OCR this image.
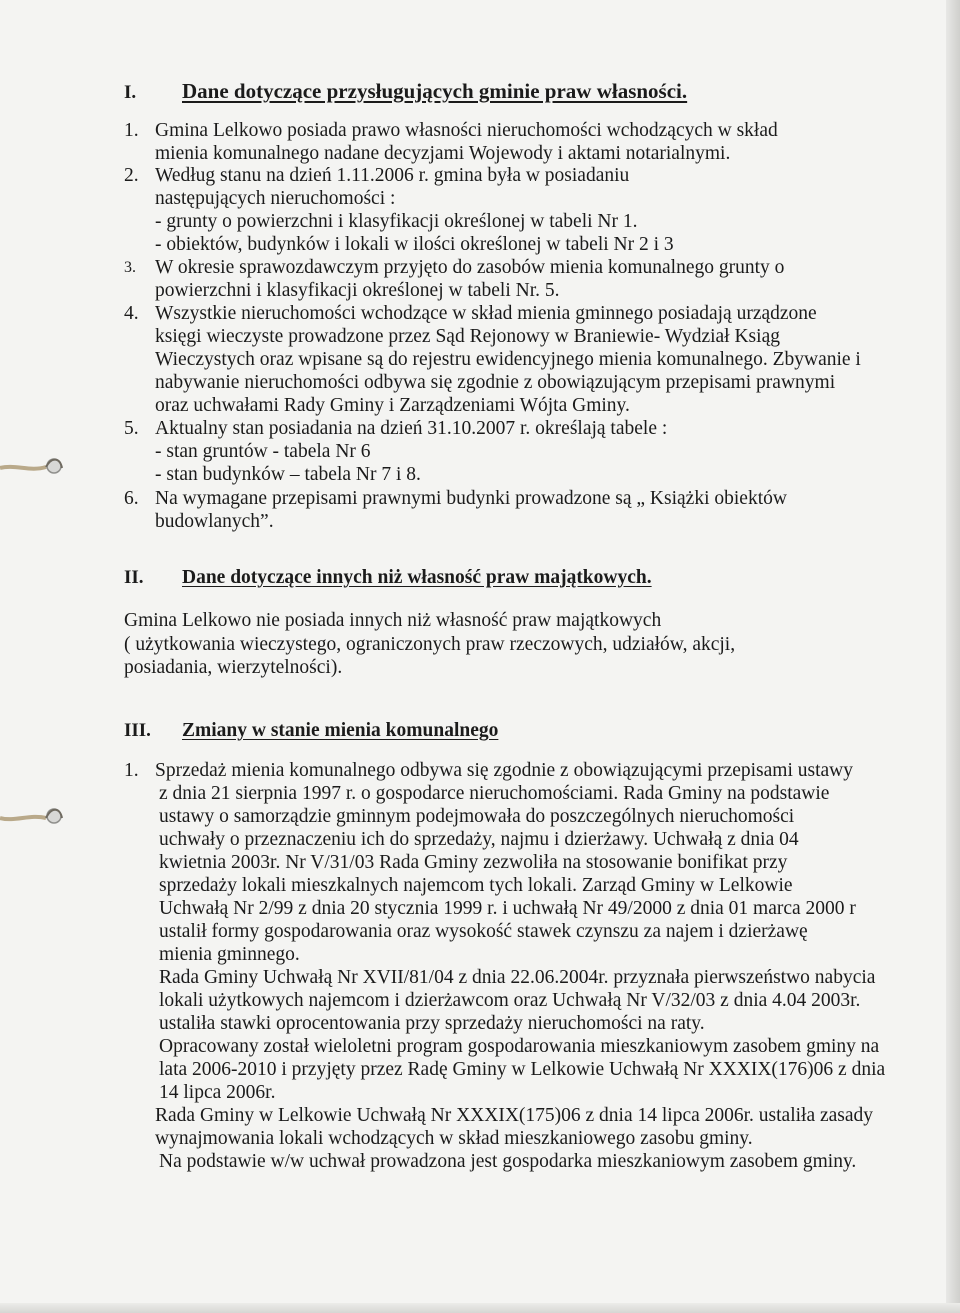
I. Dane dotyczące przysługujących gminie praw własności.
1. Gmina Lelkowo posiada prawo własności nieruchomości wchodzących w skład
mienia komunalnego nadane decyzjami Wojewody i aktami notarialnymi.
2. Według stanu na dzień 1.11.2006 r. gmina była w posiadaniu
następujących nieruchomości :
- grunty o powierzchni i klasyfikacji określonej w tabeli Nr 1.
- obiektów, budynków i lokali w ilości określonej w tabeli Nr 2 i 3
3. W okresie sprawozdawczym przyjęto do zasobów mienia komunalnego grunty o
powierzchni i klasyfikacji określonej w tabeli Nr. 5.
4. Wszystkie nieruchomości wchodzące w skład mienia gminnego posiadają urządzone
księgi wieczyste prowadzone przez Sąd Rejonowy w Braniewie- Wydział Ksiąg
Wieczystych oraz wpisane są do rejestru ewidencyjnego mienia komunalnego. Zbywanie i
nabywanie nieruchomości odbywa się zgodnie z obowiązującym przepisami prawnymi
oraz uchwałami Rady Gminy i Zarządzeniami Wójta Gminy.
5. Aktualny stan posiadania na dzień 31.10.2007 r. określają tabele :
- stan gruntów - tabela Nr 6
- stan budynków – tabela Nr 7 i 8.
6. Na wymagane przepisami prawnymi budynki prowadzone są „ Książki obiektów
budowlanych”.
II. Dane dotyczące innych niż własność praw majątkowych.
Gmina Lelkowo nie posiada innych niż własność praw majątkowych
( użytkowania wieczystego, ograniczonych praw rzeczowych, udziałów, akcji,
posiadania, wierzytelności).
III. Zmiany w stanie mienia komunalnego
1. Sprzedaż mienia komunalnego odbywa się zgodnie z obowiązującymi przepisami ustawy
z dnia 21 sierpnia 1997 r. o gospodarce nieruchomościami. Rada Gminy na podstawie
ustawy o samorządzie gminnym podejmowała do poszczególnych nieruchomości
uchwały o przeznaczeniu ich do sprzedaży, najmu i dzierżawy. Uchwałą z dnia 04
kwietnia 2003r. Nr V/31/03 Rada Gminy zezwoliła na stosowanie bonifikat przy
sprzedaży lokali mieszkalnych najemcom tych lokali. Zarząd Gminy w Lelkowie
Uchwałą Nr 2/99 z dnia 20 stycznia 1999 r. i uchwałą Nr 49/2000 z dnia 01 marca 2000 r
ustalił formy gospodarowania oraz wysokość stawek czynszu za najem i dzierżawę
mienia gminnego.
Rada Gminy Uchwałą Nr XVII/81/04 z dnia 22.06.2004r. przyznała pierwszeństwo nabycia
lokali użytkowych najemcom i dzierżawcom oraz Uchwałą Nr V/32/03 z dnia 4.04 2003r.
ustaliła stawki oprocentowania przy sprzedaży nieruchomości na raty.
Opracowany został wieloletni program gospodarowania mieszkaniowym zasobem gminy na
lata 2006-2010 i przyjęty przez Radę Gminy w Lelkowie Uchwałą Nr XXXIX(176)06 z dnia
14 lipca 2006r.
Rada Gminy w Lelkowie Uchwałą Nr XXXIX(175)06 z dnia 14 lipca 2006r. ustaliła zasady
wynajmowania lokali wchodzących w skład mieszkaniowego zasobu gminy.
Na podstawie w/w uchwał prowadzona jest gospodarka mieszkaniowym zasobem gminy.
